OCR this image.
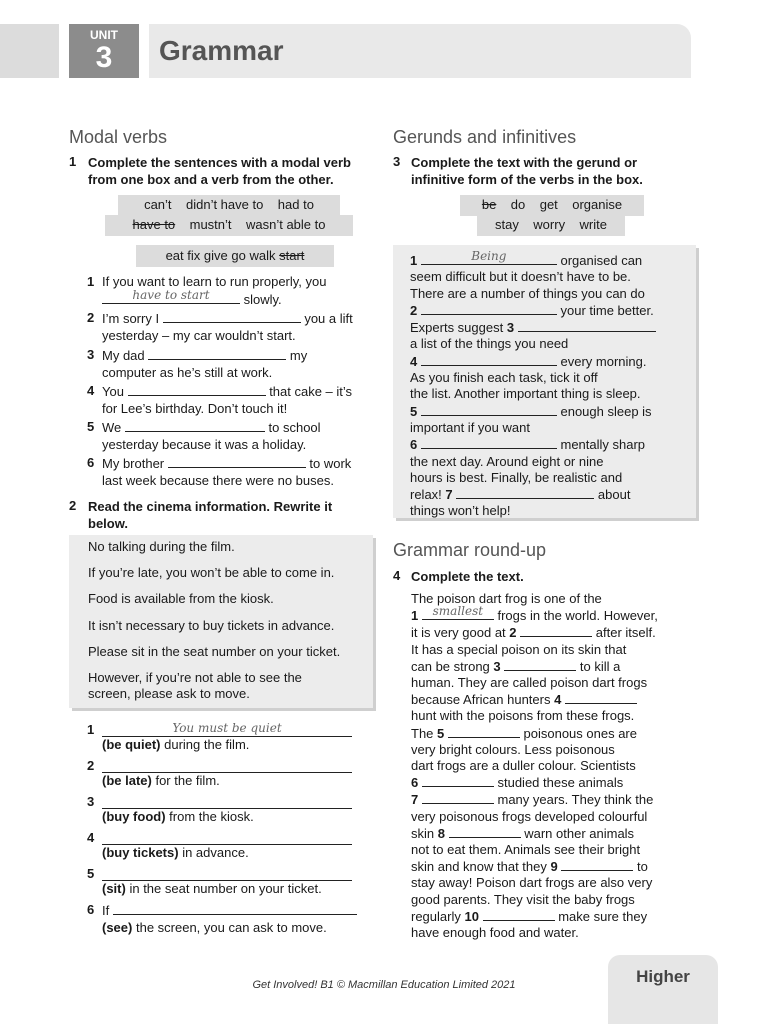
UNIT
3	Grammar
Modal verbs
1 Complete the sentences with a modal verb from one box and a verb from the other.
can’t didn’t have to had to
have to mustn’t wasn’t able to
eat fix give go walk start
1 If you want to learn to run properly, you

have to start	slowly.
2 I’m sorry I	you a lift
yesterday – my car wouldn’t start.
3 My dad	my
computer as he’s still at work.
4 You	that cake – it’s
for Lee’s birthday. Don’t touch it!
5 We	to school
yesterday because it was a holiday.
6 My brother	to work
last week because there were no buses.
2 Read the cinema information. Rewrite it below.
No talking during the film.
If you’re late, you won’t be able to come in.
Food is available from the kiosk.
It isn’t necessary to buy tickets in advance.
Please sit in the seat number on your ticket.
However, if you’re not able to see the
screen, please ask to move.
1	You must be quiet
(be quiet) during the film.
2
(be late) for the film.
3
(buy food) from the kiosk.
4
(buy tickets) in advance.
5
(sit) in the seat number on your ticket.
6 If
(see) the screen, you can ask to move.
Gerunds and infinitives
3 Complete the text with the gerund or infinitive form of the verbs in the box.
be do get organise
stay worry write
1	Being	organised can
seem difficult but it doesn’t have to be.
There are a number of things you can do
2	your time better.
Experts suggest 3
a list of the things you need
4	every morning.
As you finish each task, tick it off
the list. Another important thing is sleep.
5	enough sleep is
important if you want
6	mentally sharp
the next day. Around eight or nine
hours is best. Finally, be realistic and
relax! 7	about
things won’t help!
Grammar round-up
4 Complete the text.
The poison dart frog is one of the
1	smallest	frogs in the world. However,
it is very good at 2	after itself.
It has a special poison on its skin that
can be strong 3	to kill a
human. They are called poison dart frogs
because African hunters 4
hunt with the poisons from these frogs.
The 5	poisonous ones are
very bright colours. Less poisonous
dart frogs are a duller colour. Scientists
6	studied these animals
7	many years. They think the
very poisonous frogs developed colourful
skin 8	warn other animals
not to eat them. Animals see their bright
skin and know that they 9	to
stay away! Poison dart frogs are also very
good parents. They visit the baby frogs
regularly 10	make sure they
have enough food and water.
Get Involved! B1 © Macmillan Education Limited 2021	Higher
